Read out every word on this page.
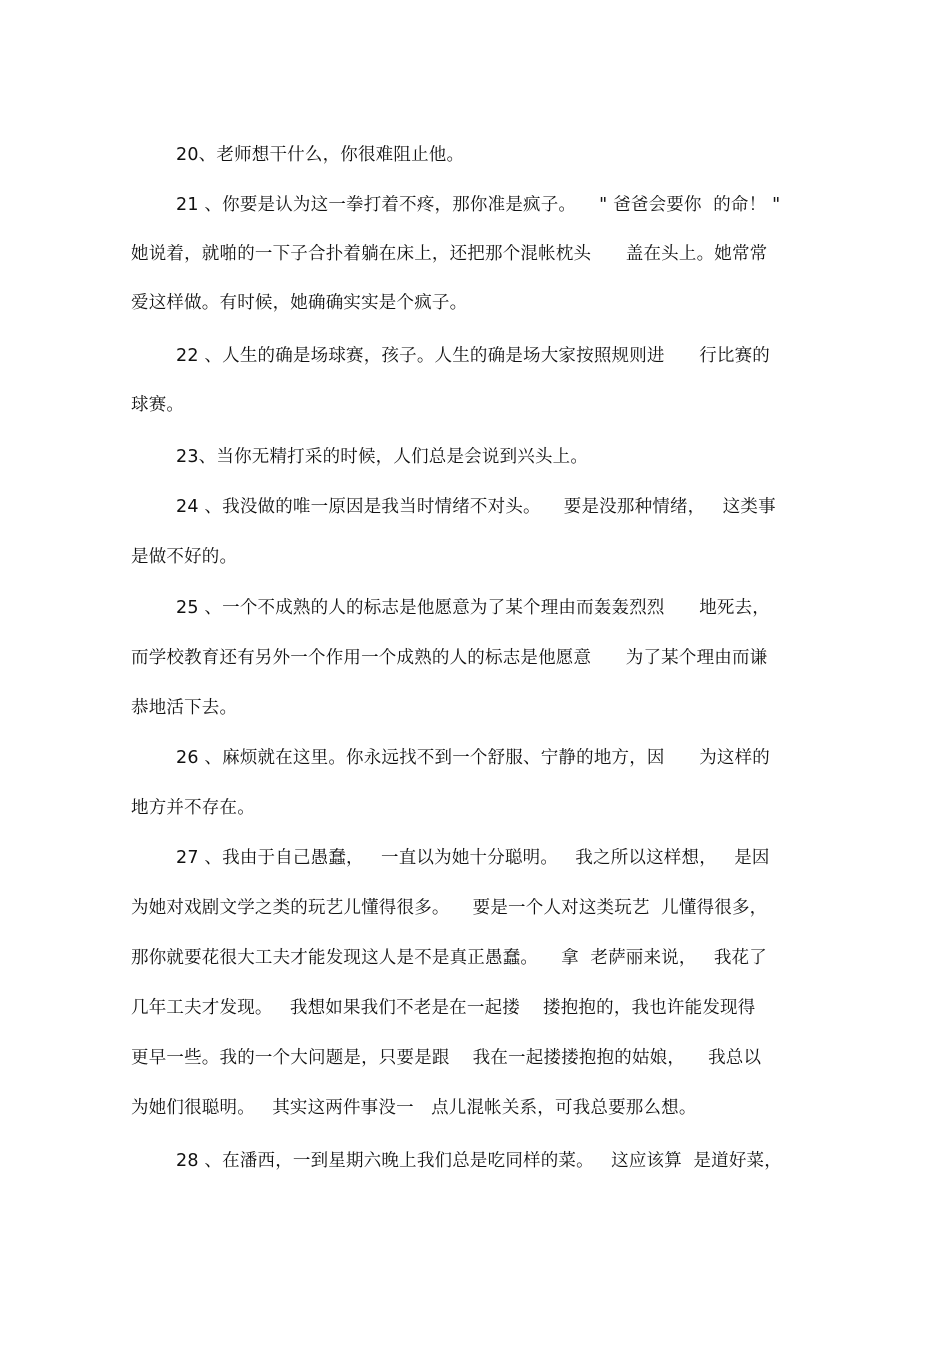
20、老师想干什么，你很难阻止他。
21 、你要是认为这一拳打着不疼，那你准是疯子。    " 爸爸会要你  的命！ "
她说着，就啪的一下子合扑着躺在床上，还把那个混帐枕头      盖在头上。她常常
爱这样做。有时候，她确确实实是个疯子。
22 、人生的确是场球赛，孩子。人生的确是场大家按照规则进      行比赛的
球赛。
23、当你无精打采的时候，人们总是会说到兴头上。
24 、我没做的唯一原因是我当时情绪不对头。    要是没那种情绪，   这类事
是做不好的。
25 、一个不成熟的人的标志是他愿意为了某个理由而轰轰烈烈      地死去，
而学校教育还有另外一个作用一个成熟的人的标志是他愿意      为了某个理由而谦
恭地活下去。
26 、麻烦就在这里。你永远找不到一个舒服、宁静的地方，因      为这样的
地方并不存在。
27 、我由于自己愚蠢，   一直以为她十分聪明。   我之所以这样想，   是因
为她对戏剧文学之类的玩艺儿懂得很多。    要是一个人对这类玩艺  儿懂得很多，
那你就要花很大工夫才能发现这人是不是真正愚蠢。    拿  老萨丽来说，   我花了
几年工夫才发现。   我想如果我们不老是在一起搂    搂抱抱的，我也许能发现得
更早一些。我的一个大问题是，只要是跟    我在一起搂搂抱抱的姑娘，    我总以
为她们很聪明。   其实这两件事没一   点儿混帐关系，可我总要那么想。
28 、在潘西，一到星期六晚上我们总是吃同样的菜。   这应该算  是道好菜，
